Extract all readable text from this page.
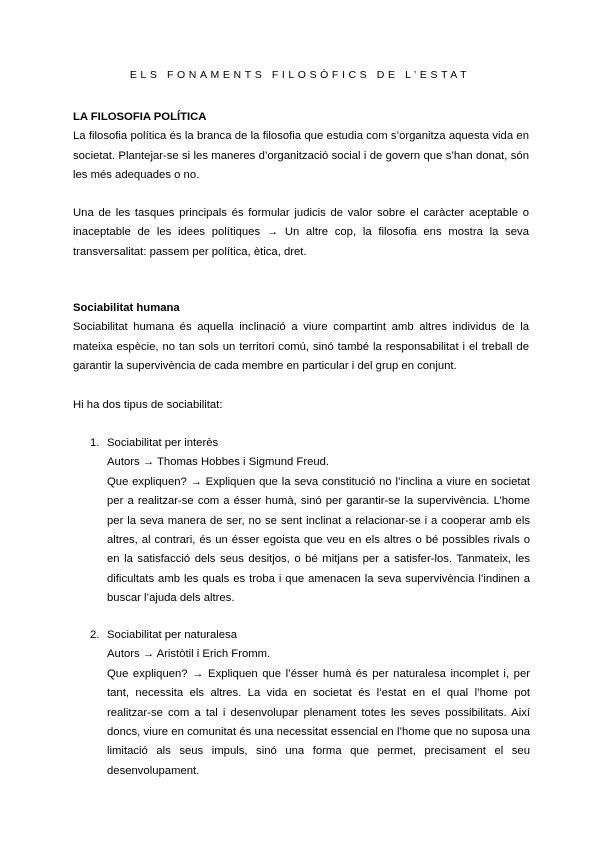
ELS FONAMENTS FILOSÒFICS DE L’ESTAT

LA FILOSOFIA POLÍTICA

La filosofia política és la branca de la filosofia que estudia com s’organitza aquesta vida en societat. Plantejar-se si les maneres d’organització social i de govern que s’han donat, són les més adequades o no.

Una de les tasques principals és formular judicis de valor sobre el caràcter aceptable o inaceptable de les idees polítiques → Un altre cop, la filosofia ens mostra la seva transversalitat: passem per política, ètica, dret.

Sociabilitat humana

Sociabilitat humana és aquella inclinació a viure compartint amb altres individus de la mateixa espècie, no tan sols un territori comú, sinó també la responsabilitat i el treball de garantir la supervivència de cada membre en particular i del grup en conjunt.

Hi ha dos tipus de sociabilitat:

1. Sociabilitat per interès

Autors → Thomas Hobbes i Sigmund Freud.

Que expliquen? → Expliquen que la seva constitució no l’inclina a viure en societat per a realitzar-se com a ésser humà, sinó per garantir-se la supervivència. L’home per la seva manera de ser, no se sent inclinat a relacionar-se i a cooperar amb els altres, al contrari, és un ésser egoista que veu en els altres o bé possibles rivals o en la satisfacció dels seus desitjos, o bé mitjans per a satisfer-los. Tanmateix, les dificultats amb les quals es troba i que amenacen la seva supervivència l’indinen a buscar l’ajuda dels altres.

2. Sociabilitat per naturalesa

Autors → Aristòtil i Erich Fromm.

Que expliquen? → Expliquen que l’ésser humà és per naturalesa incomplet i, per tant, necessita els altres. La vida en societat és l’estat en el qual l’home pot realitzar-se com a tal i desenvolupar plenament totes les seves possibilitats. Així doncs, viure en comunitat és una necessitat essencial en l’home que no suposa una limitació als seus impuls, sinó una forma que permet, precisament el seu desenvolupament.
